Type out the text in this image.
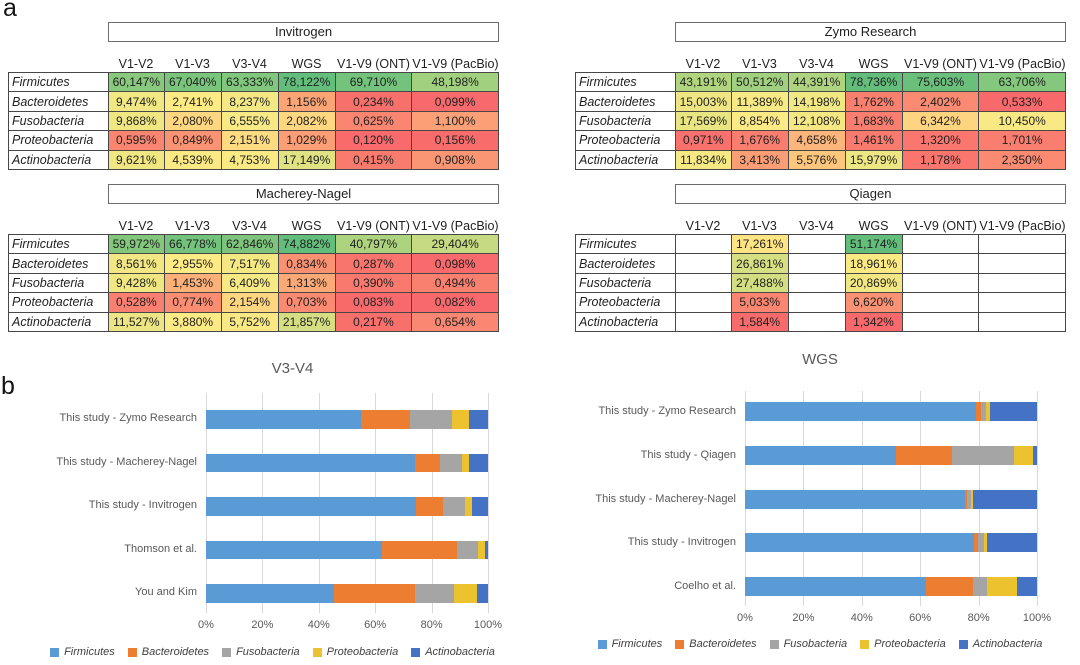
a
b
Invitrogen
V1-V2	V1-V3	V3-V4	WGS	V1-V9 (ONT) V1-V9 (PacBio)
Firmicutes	60,147%	67,040%	63,333%	78,122%	69,710%	48,198%
Bacteroidetes	9,474%	2,741%	8,237%	1,156%	0,234%	0,099%
Fusobacteria	9,868%	2,080%	6,555%	2,082%	0,625%	1,100%
Proteobacteria	0,595%	0,849%	2,151%	1,029%	0,120%	0,156%
Actinobacteria	9,621%	4,539%	4,753%	17,149%	0,415%	0,908%
Zymo Research
V1-V2	V1-V3	V3-V4	WGS	V1-V9 (ONT) V1-V9 (PacBio)
Firmicutes	43,191%	50,512%	44,391%	78,736%	75,603%	63,706%
Bacteroidetes	15,003%	11,389%	14,198%	1,762%	2,402%	0,533%
Fusobacteria	17,569%	8,854%	12,108%	1,683%	6,342%	10,450%
Proteobacteria	0,971%	1,676%	4,658%	1,461%	1,320%	1,701%
Actinobacteria	11,834%	3,413%	5,576%	15,979%	1,178%	2,350%
Macherey-Nagel
V1-V2	V1-V3	V3-V4	WGS	V1-V9 (ONT) V1-V9 (PacBio)
Firmicutes	59,972%	66,778%	62,846%	74,882%	40,797%	29,404%
Bacteroidetes	8,561%	2,955%	7,517%	0,834%	0,287%	0,098%
Fusobacteria	9,428%	1,453%	6,409%	1,313%	0,390%	0,494%
Proteobacteria	0,528%	0,774%	2,154%	0,703%	0,083%	0,082%
Actinobacteria	11,527%	3,880%	5,752%	21,857%	0,217%	0,654%
Qiagen
V1-V2	V1-V3	V3-V4	WGS	V1-V9 (ONT) V1-V9 (PacBio)
Firmicutes		17,261%		51,174%		
Bacteroidetes		26,861%		18,961%		
Fusobacteria		27,488%		20,869%		
Proteobacteria		5,033%		6,620%		
Actinobacteria		1,584%		1,342%		
V3-V4
0%	20%	40%	60%	80%	100%
This study - Zymo Research
This study - Macherey-Nagel
This study - Invitrogen
Thomson et al.
You and Kim
Firmicutes Bacteroidetes Fusobacteria Proteobacteria Actinobacteria
WGS
0%	20%	40%	60%	80%	100%
This study - Zymo Research
This study - Qiagen
This study - Macherey-Nagel
This study - Invitrogen
Coelho et al.
Firmicutes Bacteroidetes Fusobacteria Proteobacteria Actinobacteria
